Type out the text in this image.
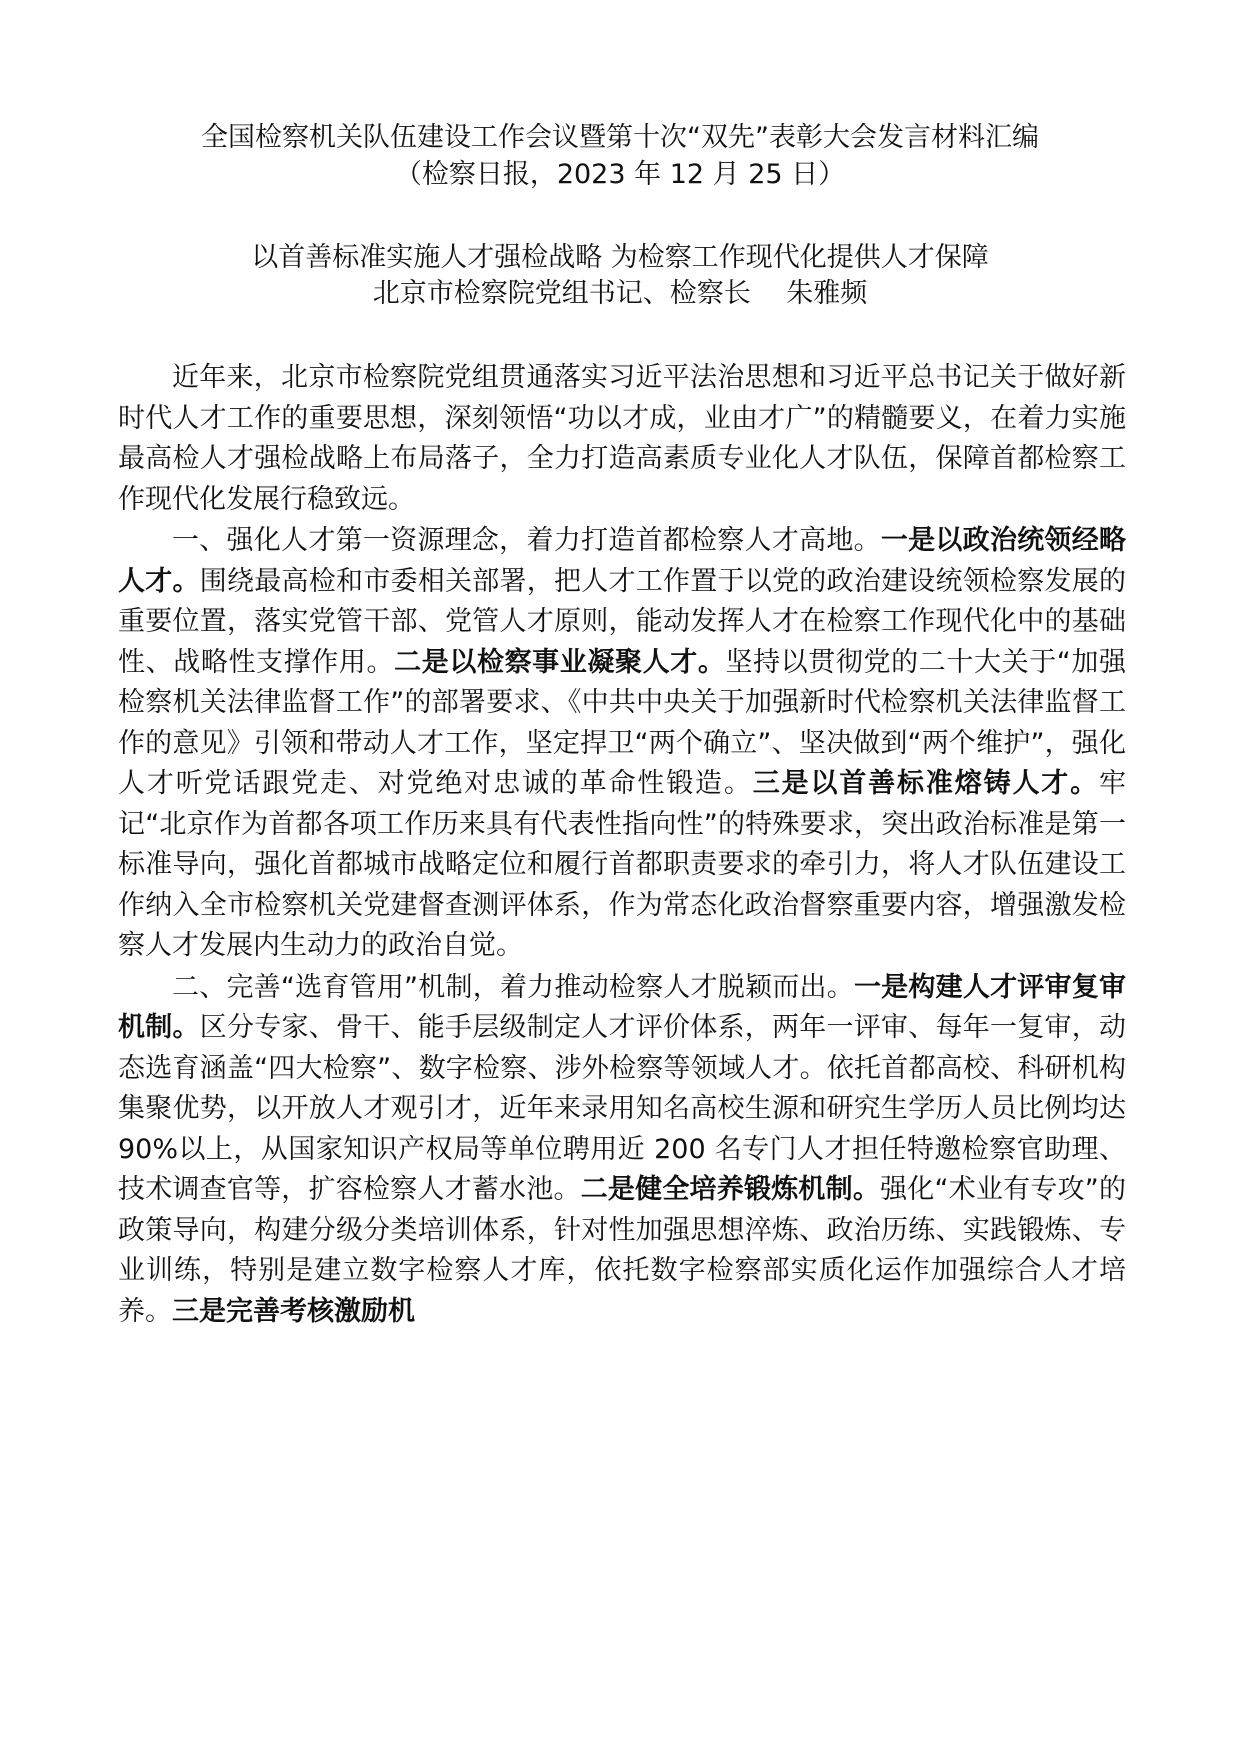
全国检察机关队伍建设工作会议暨第十次“双先”表彰大会发言材料汇编
（检察日报，2023 年 12 月 25 日）
以首善标准实施人才强检战略 为检察工作现代化提供人才保障
北京市检察院党组书记、检察长　 朱雅频

近年来，北京市检察院党组贯通落实习近平法治思想和习近平总书记关于做好新时代人才工作的重要思想，深刻领悟“功以才成，业由才广”的精髓要义，在着力实施最高检人才强检战略上布局落子，全力打造高素质专业化人才队伍，保障首都检察工作现代化发展行稳致远。

一、强化人才第一资源理念，着力打造首都检察人才高地。一是以政治统领经略人才。围绕最高检和市委相关部署，把人才工作置于以党的政治建设统领检察发展的重要位置，落实党管干部、党管人才原则，能动发挥人才在检察工作现代化中的基础性、战略性支撑作用。二是以检察事业凝聚人才。坚持以贯彻党的二十大关于“加强检察机关法律监督工作”的部署要求、《中共中央关于加强新时代检察机关法律监督工作的意见》引领和带动人才工作，坚定捍卫“两个确立”、坚决做到“两个维护”，强化人才听党话跟党走、对党绝对忠诚的革命性锻造。三是以首善标准熔铸人才。牢记“北京作为首都各项工作历来具有代表性指向性”的特殊要求，突出政治标准是第一标准导向，强化首都城市战略定位和履行首都职责要求的牵引力，将人才队伍建设工作纳入全市检察机关党建督查测评体系，作为常态化政治督察重要内容，增强激发检察人才发展内生动力的政治自觉。

二、完善“选育管用”机制，着力推动检察人才脱颖而出。一是构建人才评审复审机制。区分专家、骨干、能手层级制定人才评价体系，两年一评审、每年一复审，动态选育涵盖“四大检察”、数字检察、涉外检察等领域人才。依托首都高校、科研机构集聚优势，以开放人才观引才，近年来录用知名高校生源和研究生学历人员比例均达 90%以上，从国家知识产权局等单位聘用近 200 名专门人才担任特邀检察官助理、技术调查官等，扩容检察人才蓄水池。二是健全培养锻炼机制。强化“术业有专攻”的政策导向，构建分级分类培训体系，针对性加强思想淬炼、政治历练、实践锻炼、专业训练，特别是建立数字检察人才库，依托数字检察部实质化运作加强综合人才培养。三是完善考核激励机
